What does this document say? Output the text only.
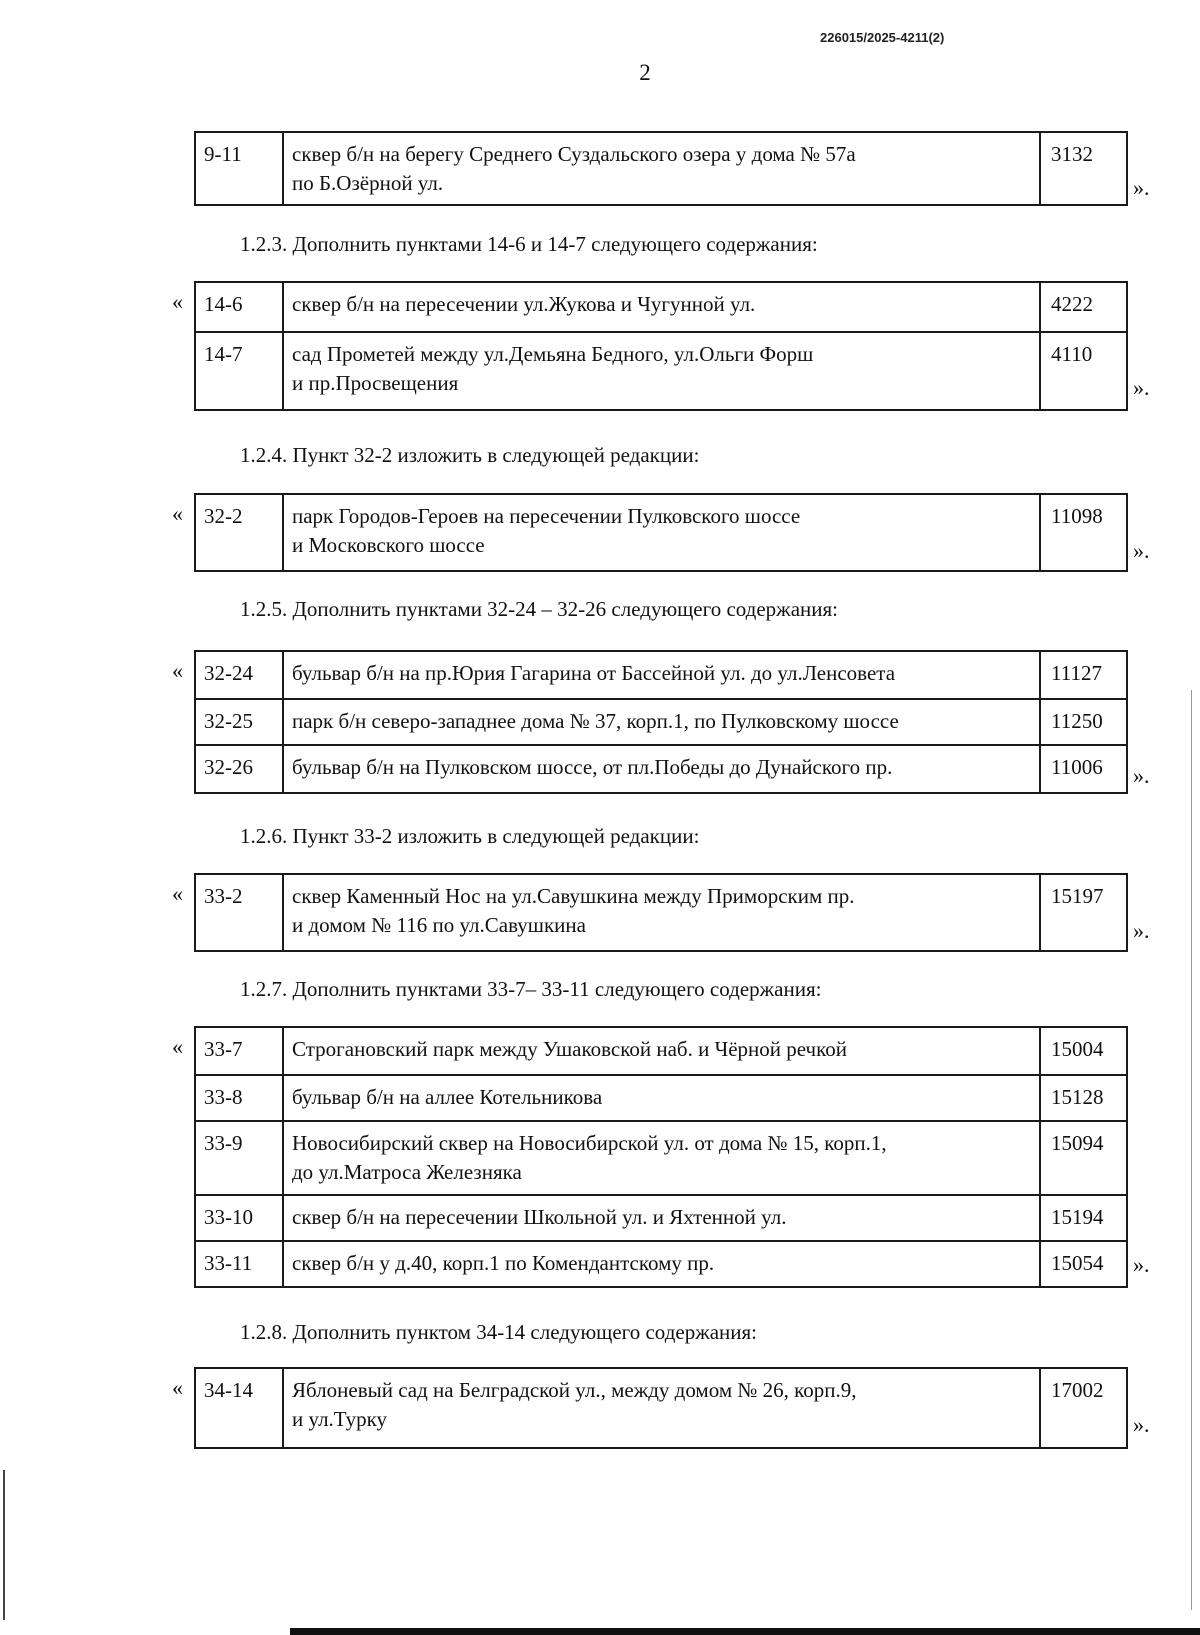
226015/2025-4211(2)
2
9-11	сквер б/н на берегу Среднего Суздальского озера у дома № 57а
по Б.Озёрной ул.	3132
».
1.2.3. Дополнить пунктами 14-6 и 14-7 следующего содержания:
« 14-6	сквер б/н на пересечении ул.Жукова и Чугунной ул.	4222
14-7	сад Прометей между ул.Демьяна Бедного, ул.Ольги Форш
и пр.Просвещения	4110
».
1.2.4. Пункт 32-2 изложить в следующей редакции:
« 32-2	парк Городов-Героев на пересечении Пулковского шоссе
и Московского шоссе	11098
».
1.2.5. Дополнить пунктами 32-24 – 32-26 следующего содержания:
« 32-24	бульвар б/н на пр.Юрия Гагарина от Бассейной ул. до ул.Ленсовета	11127
32-25	парк б/н северо-западнее дома № 37, корп.1, по Пулковскому шоссе	11250
32-26	бульвар б/н на Пулковском шоссе, от пл.Победы до Дунайского пр.	11006 ».
1.2.6. Пункт 33-2 изложить в следующей редакции:
« 33-2	сквер Каменный Нос на ул.Савушкина между Приморским пр.
и домом № 116 по ул.Савушкина	15197
».
1.2.7. Дополнить пунктами 33-7– 33-11 следующего содержания:
« 33-7	Строгановский парк между Ушаковской наб. и Чёрной речкой	15004
33-8	бульвар б/н на аллее Котельникова	15128
33-9	Новосибирский сквер на Новосибирской ул. от дома № 15, корп.1,
до ул.Матроса Железняка	15094
33-10	сквер б/н на пересечении Школьной ул. и Яхтенной ул.	15194
33-11	сквер б/н у д.40, корп.1 по Комендантскому пр.	15054 ».
1.2.8. Дополнить пунктом 34-14 следующего содержания:
« 34-14	Яблоневый сад на Белградской ул., между домом № 26, корп.9,
и ул.Турку	17002
».
